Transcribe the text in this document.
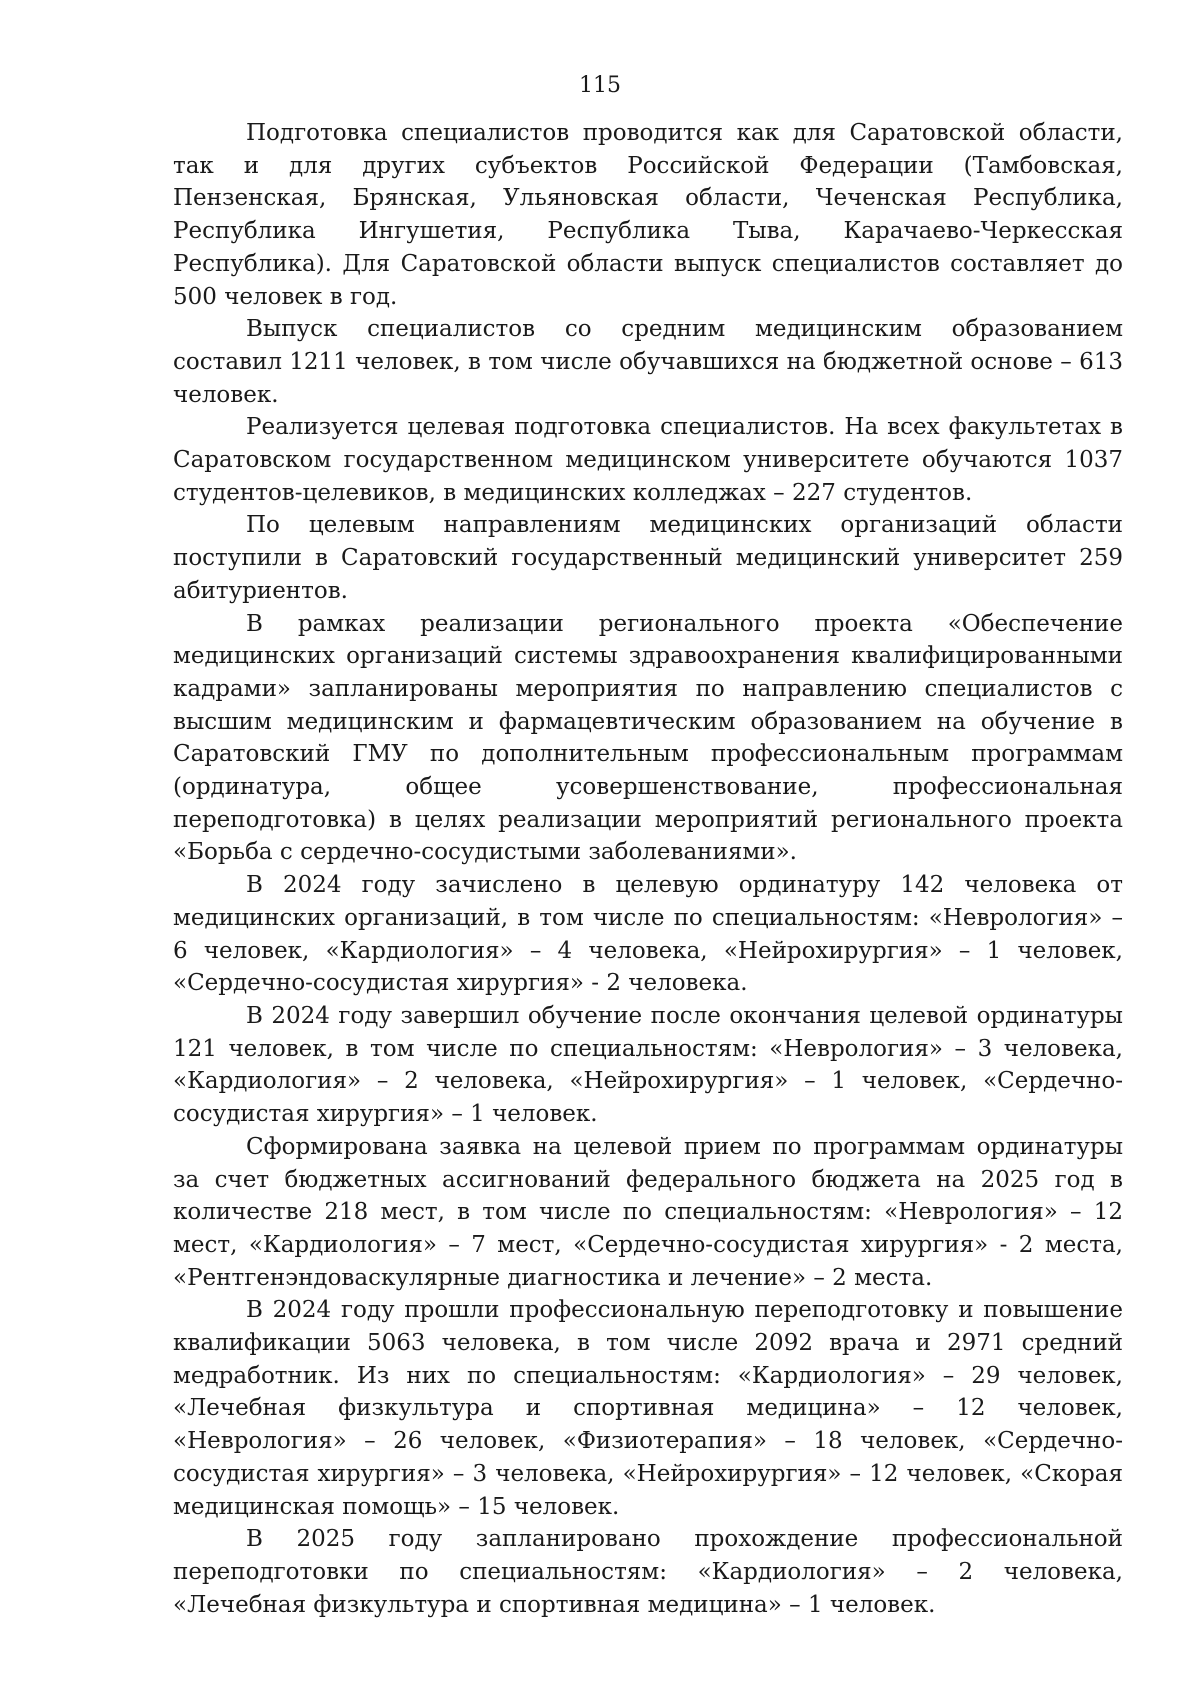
115

Подготовка специалистов проводится как для Саратовской области, так и для других субъектов Российской Федерации (Тамбовская, Пензенская, Брянская, Ульяновская области, Чеченская Республика, Республика Ингушетия, Республика Тыва, Карачаево-Черкесская Республика). Для Саратовской области выпуск специалистов составляет до 500 человек в год.

Выпуск специалистов со средним медицинским образованием составил 1211 человек, в том числе обучавшихся на бюджетной основе – 613 человек.

Реализуется целевая подготовка специалистов. На всех факультетах в Саратовском государственном медицинском университете обучаются 1037 студентов-целевиков, в медицинских колледжах – 227 студентов.

По целевым направлениям медицинских организаций области поступили в Саратовский государственный медицинский университет 259 абитуриентов.

В рамках реализации регионального проекта «Обеспечение медицинских организаций системы здравоохранения квалифицированными кадрами» запланированы мероприятия по направлению специалистов с высшим медицинским и фармацевтическим образованием на обучение в Саратовский ГМУ по дополнительным профессиональным программам (ординатура, общее усовершенствование, профессиональная переподготовка) в целях реализации мероприятий регионального проекта «Борьба с сердечно-сосудистыми заболеваниями».

В 2024 году зачислено в целевую ординатуру 142 человека от медицинских организаций, в том числе по специальностям: «Неврология» – 6 человек, «Кардиология» – 4 человека, «Нейрохирургия» – 1 человек, «Сердечно-сосудистая хирургия» - 2 человека.

В 2024 году завершил обучение после окончания целевой ординатуры 121 человек, в том числе по специальностям: «Неврология» – 3 человека, «Кардиология» – 2 человека, «Нейрохирургия» – 1 человек, «Сердечно-сосудистая хирургия» – 1 человек.

Сформирована заявка на целевой прием по программам ординатуры за счет бюджетных ассигнований федерального бюджета на 2025 год в количестве 218 мест, в том числе по специальностям: «Неврология» – 12 мест, «Кардиология» – 7 мест, «Сердечно-сосудистая хирургия» - 2 места, «Рентгенэндоваскулярные диагностика и лечение» – 2 места.

В 2024 году прошли профессиональную переподготовку и повышение квалификации 5063 человека, в том числе 2092 врача и 2971 средний медработник. Из них по специальностям: «Кардиология» – 29 человек, «Лечебная физкультура и спортивная медицина» – 12 человек, «Неврология» – 26 человек, «Физиотерапия» – 18 человек, «Сердечно-сосудистая хирургия» – 3 человека, «Нейрохирургия» – 12 человек, «Скорая медицинская помощь» – 15 человек.

В 2025 году запланировано прохождение профессиональной переподготовки по специальностям: «Кардиология» – 2 человека, «Лечебная физкультура и спортивная медицина» – 1 человек.
